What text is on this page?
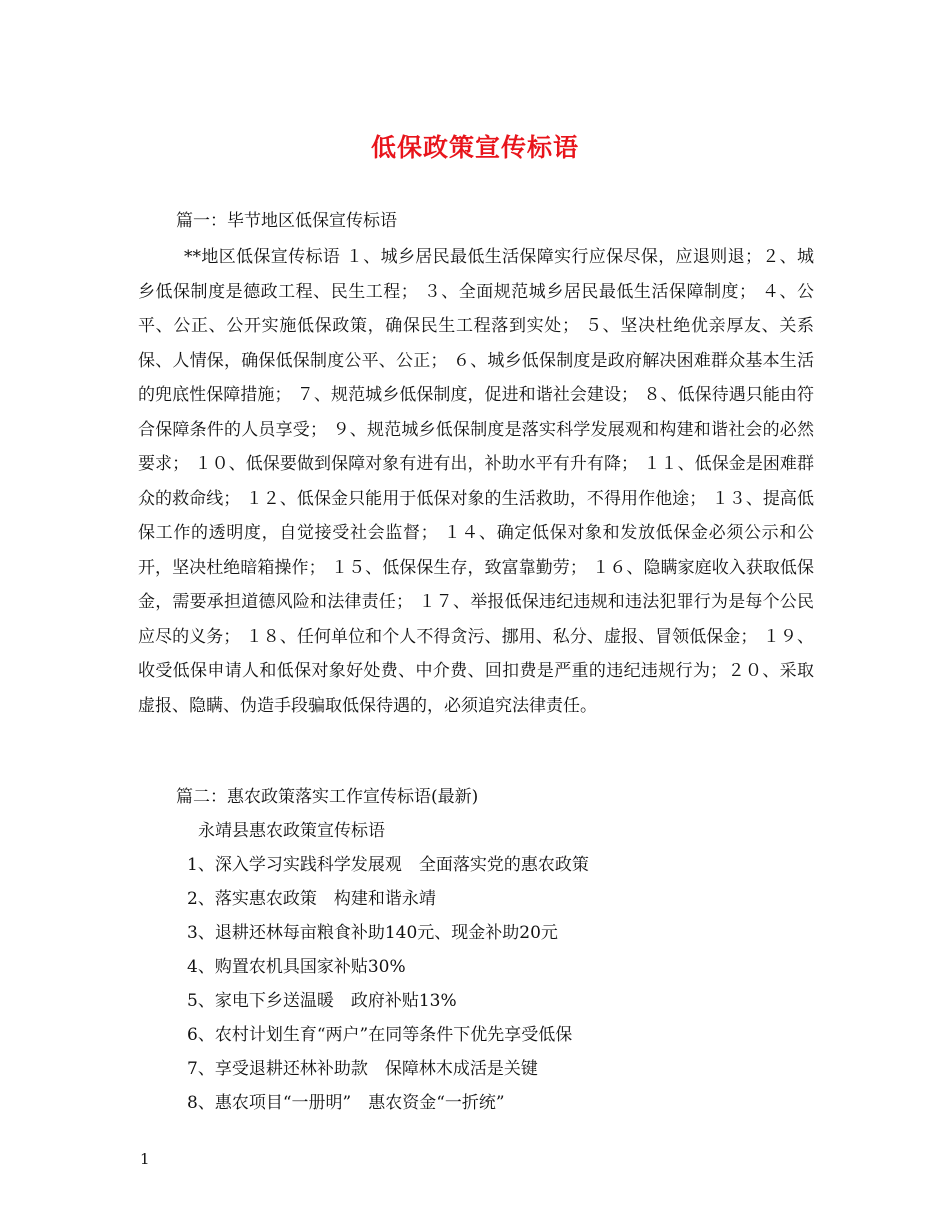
低保政策宣传标语
篇一：毕节地区低保宣传标语
**地区低保宣传标语 １、城乡居民最低生活保障实行应保尽保，应退则退；２、城乡低保制度是德政工程、民生工程； ３、全面规范城乡居民最低生活保障制度； ４、公平、公正、公开实施低保政策，确保民生工程落到实处； ５、坚决杜绝优亲厚友、关系保、人情保，确保低保制度公平、公正； ６、城乡低保制度是政府解决困难群众基本生活的兜底性保障措施； ７、规范城乡低保制度，促进和谐社会建设； ８、低保待遇只能由符合保障条件的人员享受； ９、规范城乡低保制度是落实科学发展观和构建和谐社会的必然要求； １０、低保要做到保障对象有进有出，补助水平有升有降； １１、低保金是困难群众的救命线； １２、低保金只能用于低保对象的生活救助，不得用作他途； １３、提高低保工作的透明度，自觉接受社会监督； １４、确定低保对象和发放低保金必须公示和公开，坚决杜绝暗箱操作； １５、低保保生存，致富靠勤劳； １６、隐瞒家庭收入获取低保金，需要承担道德风险和法律责任； １７、举报低保违纪违规和违法犯罪行为是每个公民应尽的义务； １８、任何单位和个人不得贪污、挪用、私分、虚报、冒领低保金； １９、收受低保申请人和低保对象好处费、中介费、回扣费是严重的违纪违规行为；２０、采取虚报、隐瞒、伪造手段骗取低保待遇的，必须追究法律责任。
篇二：惠农政策落实工作宣传标语(最新)
永靖县惠农政策宣传标语
1、深入学习实践科学发展观　全面落实党的惠农政策
2、落实惠农政策　构建和谐永靖
3、退耕还林每亩粮食补助140元、现金补助20元
4、购置农机具国家补贴30%
5、家电下乡送温暖　政府补贴13%
6、农村计划生育“两户”在同等条件下优先享受低保
7、享受退耕还林补助款　保障林木成活是关键
8、惠农项目“一册明”　惠农资金“一折统”
1
